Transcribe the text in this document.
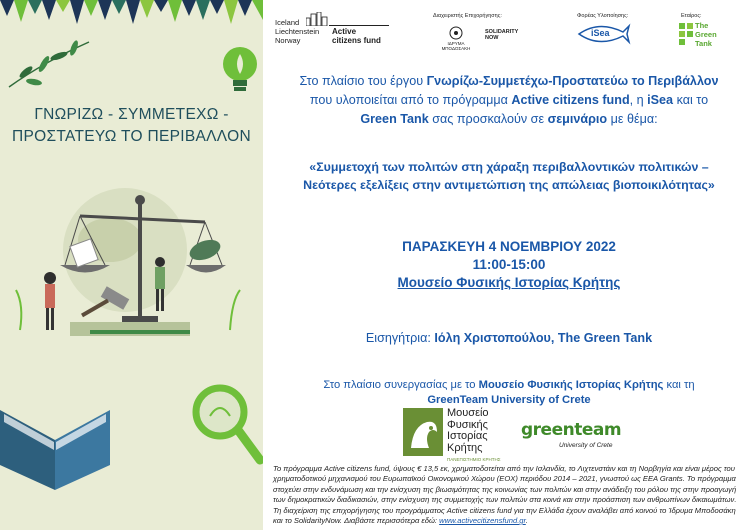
ΓΝΩΡΙΖΩ - ΣΥΜΜΕΤΕΧΩ -
ΠΡΟΣΤΑΤΕΥΩ ΤΟ ΠΕΡΙΒΑΛΛΟΝ
Iceland
Liechtenstein
Norway
Active
citizens fund
Διαχειριστής Επιχορήγησης:
ΙΔΡΥΜΑ ΜΠΟΔΟΣΑΚΗ
SOLIDARITY NOW
Φορέας Υλοποίησης:
iSea
Εταίρος:
The
Green
Tank
Στο πλαίσιο του έργου Γνωρίζω-Συμμετέχω-Προστατεύω το Περιβάλλον
που υλοποιείται από το πρόγραμμα Active citizens fund, η iSea και το
Green Tank σας προσκαλούν σε σεμινάριο με θέμα:
«Συμμετοχή των πολιτών στη χάραξη περιβαλλοντικών πολιτικών –
Νεότερες εξελίξεις στην αντιμετώπιση της απώλειας βιοποικιλότητας»
ΠΑΡΑΣΚΕΥΗ 4 ΝΟΕΜΒΡΙΟΥ 2022
11:00-15:00
Μουσείο Φυσικής Ιστορίας Κρήτης
Εισηγήτρια: Ιόλη Χριστοπούλου, The Green Tank
Στο πλαίσιο συνεργασίας με το Μουσείο Φυσικής Ιστορίας Κρήτης και τη
GreenTeam University of Crete
Μουσείο
Φυσικής
Ιστορίας
Κρήτης
ΠΑΝΕΠΙΣΤΗΜΙΟ ΚΡΗΤΗΣ
greenteam
University of Crete
Το πρόγραμμα Active citizens fund, ύψους € 13,5 εκ, χρηματοδοτείται από την Ισλανδία, το Λιχτενστάιν και τη Νορβηγία και είναι μέρος του χρηματοδοτικού μηχανισμού του Ευρωπαϊκού Οικονομικού Χώρου (ΕΟΧ) περιόδου 2014 – 2021, γνωστού ως EEA Grants. Το πρόγραμμα στοχεύει στην ενδυνάμωση και την ενίσχυση της βιωσιμότητας της κοινωνίας των πολιτών και στην ανάδειξη του ρόλου της στην προαγωγή των δημοκρατικών διαδικασιών, στην ενίσχυση της συμμετοχής των πολιτών στα κοινά και στην προάσπιση των ανθρωπίνων δικαιωμάτων. Τη διαχείριση της επιχορήγησης του προγράμματος Active citizens fund για την Ελλάδα έχουν αναλάβει από κοινού το Ίδρυμα Μποδοσάκη και το SolidarityNow. Διαβάστε περισσότερα εδώ: www.activecitizensfund.gr.
